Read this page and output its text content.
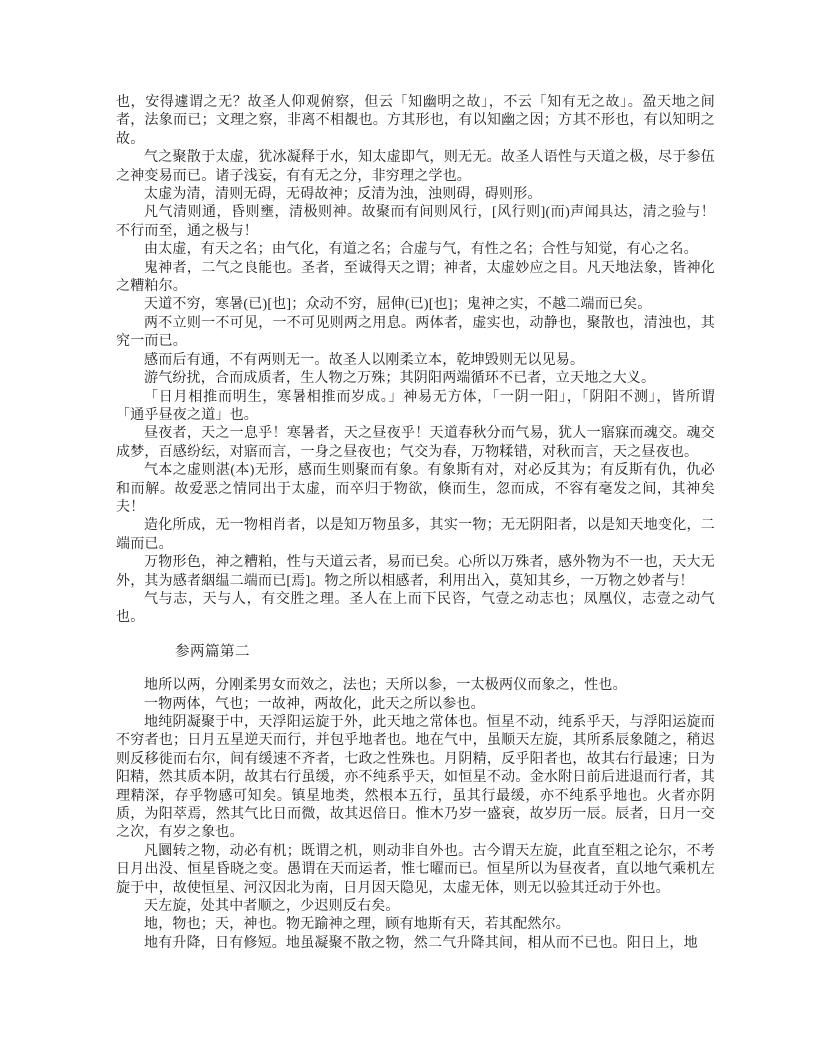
也，安得遽谓之无？故圣人仰观俯察，但云「知幽明之故」，不云「知有无之故」。盈天地之间者，法象而已；文理之察，非离不相覩也。方其形也，有以知幽之因；方其不形也，有以知明之故。

气之聚散于太虚，犹冰凝释于水，知太虚即气，则无无。故圣人语性与天道之极，尽于参伍之神变易而已。诸子浅妄，有有无之分，非穷理之学也。

太虚为清，清则无碍，无碍故神；反清为浊，浊则碍，碍则形。

凡气清则通，昏则壅，清极则神。故聚而有间则风行，[风行则](而)声闻具达，清之验与！不行而至，通之极与！

由太虚，有天之名；由气化，有道之名；合虚与气，有性之名；合性与知觉，有心之名。

鬼神者，二气之良能也。圣者，至诚得天之谓；神者，太虚妙应之目。凡天地法象，皆神化之糟粕尔。

天道不穷，寒暑(已)[也]；众动不穷，屈伸(已)[也]；鬼神之实，不越二端而已矣。

两不立则一不可见，一不可见则两之用息。两体者，虚实也，动静也，聚散也，清浊也，其究一而已。

感而后有通，不有两则无一。故圣人以刚柔立本，乾坤毁则无以见易。

游气纷扰，合而成质者，生人物之万殊；其阴阳两端循环不已者，立天地之大义。

「日月相推而明生，寒暑相推而岁成。」神易无方体，「一阴一阳」，「阴阳不测」，皆所谓「通乎昼夜之道」也。

昼夜者，天之一息乎！寒暑者，天之昼夜乎！天道春秋分而气易，犹人一寤寐而魂交。魂交成梦，百感纷纭，对寤而言，一身之昼夜也；气交为春，万物糅错，对秋而言，天之昼夜也。

气本之虚则湛(本)无形，感而生则聚而有象。有象斯有对，对必反其为；有反斯有仇，仇必和而解。故爱恶之情同出于太虚，而卒归于物欲，倏而生，忽而成，不容有毫发之间，其神矣夫！

造化所成，无一物相肖者，以是知万物虽多，其实一物；无无阴阳者，以是知天地变化，二端而已。

万物形色，神之糟粕，性与天道云者，易而已矣。心所以万殊者，感外物为不一也，天大无外，其为感者絪缊二端而已[焉]。物之所以相感者，利用出入，莫知其乡，一万物之妙者与！

气与志，天与人，有交胜之理。圣人在上而下民咨，气壹之动志也；凤凰仪，志壹之动气也。

参两篇第二

地所以两，分刚柔男女而效之，法也；天所以参，一太极两仪而象之，性也。

一物两体，气也；一故神，两故化，此天之所以参也。

地纯阴凝聚于中，天浮阳运旋于外，此天地之常体也。恒星不动，纯系乎天，与浮阳运旋而不穷者也；日月五星逆天而行，并包乎地者也。地在气中，虽顺天左旋，其所系辰象随之，稍迟则反移徙而右尔，间有缓速不齐者，七政之性殊也。月阴精，反乎阳者也，故其右行最速；日为阳精，然其质本阴，故其右行虽缓，亦不纯系乎天，如恒星不动。金水附日前后进退而行者，其理精深，存乎物感可知矣。镇星地类，然根本五行，虽其行最缓，亦不纯系乎地也。火者亦阴质，为阳萃焉，然其气比日而微，故其迟倍日。惟木乃岁一盛衰，故岁历一辰。辰者，日月一交之次，有岁之象也。

凡圜转之物，动必有机；既谓之机，则动非自外也。古今谓天左旋，此直至粗之论尔，不考日月出没、恒星昏晓之变。愚谓在天而运者，惟七曜而已。恒星所以为昼夜者，直以地气乘机左旋于中，故使恒星、河汉因北为南，日月因天隐见，太虚无体，则无以验其迁动于外也。

天左旋，处其中者顺之，少迟则反右矣。

地，物也；天，神也。物无踰神之理，顾有地斯有天，若其配然尔。

地有升降，日有修短。地虽凝聚不散之物，然二气升降其间，相从而不已也。阳日上，地
